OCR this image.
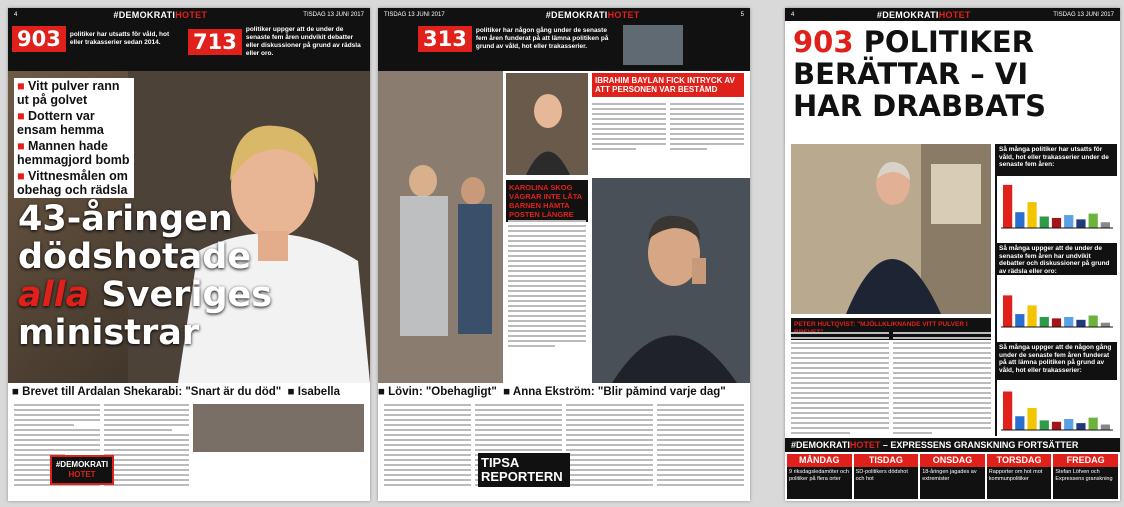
4	#DEMOKRATIHOTET	TISDAG 13 JUNI 2017
903	politiker har utsatts för våld, hot eller trakasserier sedan 2014.	713
politiker uppger att de under de senaste fem åren undvikit debatter eller diskussioner på grund av rädsla eller oro.
■ Vitt pulver rann ut på golvet
■ Dottern var ensam hemma
■ Mannen hade hemmagjord bomb
■ Vittnesmålen om obehag och rädsla
43-åringen
dödshotade
alla Sveriges
ministrar
■ Brevet till Ardalan Shekarabi: "Snart är du död" ■ Isabella
#DEMOKRATI
HOTET
TISDAG 13 JUNI 2017	#DEMOKRATIHOTET	5
313	politiker har någon gång under de senaste fem åren funderat på att lämna politiken på grund av våld, hot eller trakasserier.
IBRAHIM BAYLAN FICK INTRYCK AV ATT PERSONEN VAR BESTÄMD
KAROLINA SKOG VÄGRAR INTE LÅTA BARNEN HÄMTA POSTEN LÄNGRE
■ Lövin: "Obehagligt" ■ Anna Ekström: "Blir påmind varje dag"
TIPSA REPORTERN
4	#DEMOKRATIHOTET	TISDAG 13 JUNI 2017
903 POLITIKER
BERÄTTAR – VI
HAR DRABBATS
Så många politiker har utsatts för våld, hot eller trakasserier under de senaste fem åren:
Så många uppger att de under de senaste fem åren har undvikit debatter och diskussioner på grund av rädsla eller oro:
Så många uppger att de någon gång under de senaste fem åren funderat på att lämna politiken på grund av våld, hot eller trakasserier:
PETER HULTQVIST: "MJÖLLKLIKNANDE VITT PULVER I
#DEMOKRATIHOTET – EXPRESSENS GRANSKNING FORTSÄTTER
MÅNDAG
9 riksdagsledamöter och politiker på flera orter
TISDAG
SD-politikers dödshot och hot
ONSDAG
18-åringen jagades av extremister
TORSDAG
Rapporter om hot mot kommunpolitiker
FREDAG
Stefan Löfven och Expressens granskning
